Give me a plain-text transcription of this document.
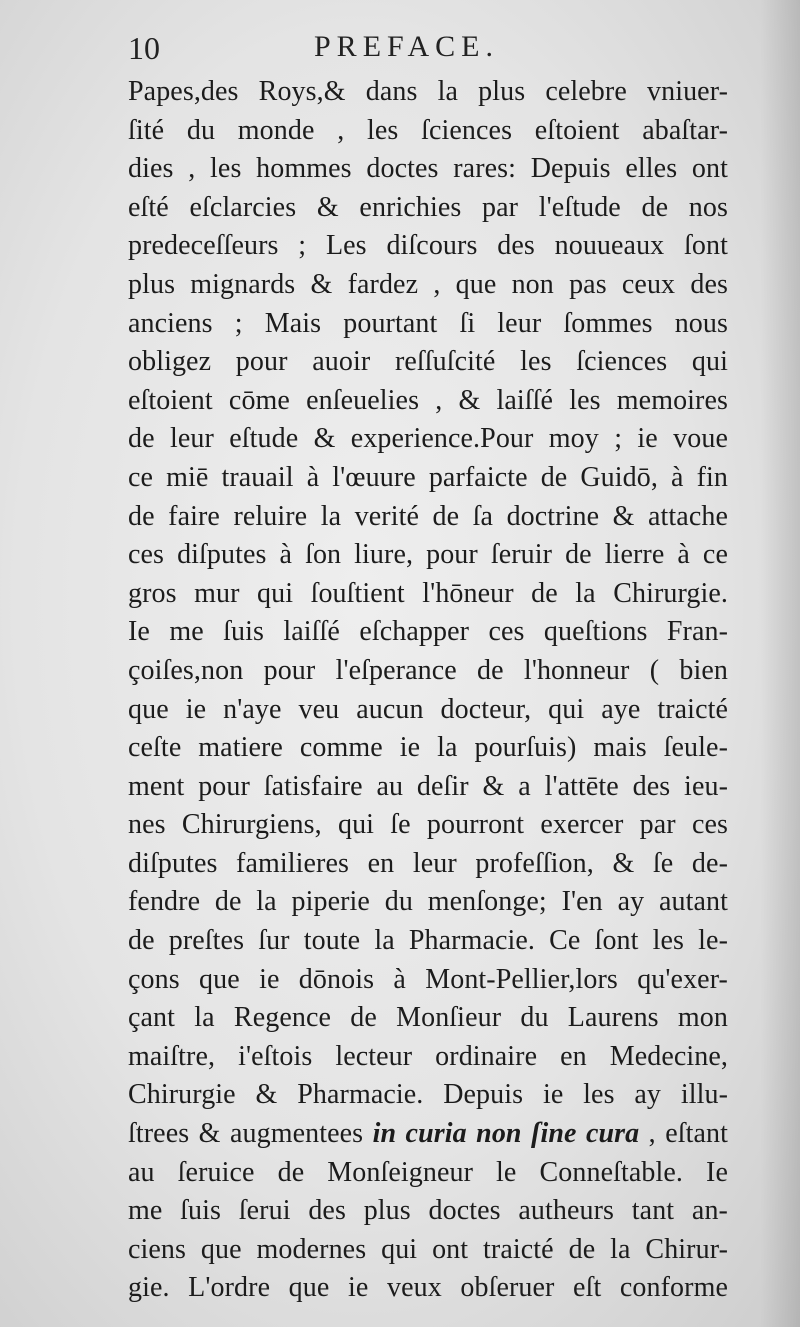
10	PREFACE.
Papes,des Roys,& dans la plus celebre vniuer-
ſité du monde , les ſciences eſtoient abaſtar-
dies , les hommes doctes rares: Depuis elles ont
eſté eſclarcies & enrichies par l'eſtude de nos
predeceſſeurs ; Les diſcours des nouueaux ſont
plus mignards & fardez , que non pas ceux des
anciens ; Mais pourtant ſi leur ſommes nous
obligez pour auoir reſſuſcité les ſciences qui
eſtoient cōme enſeuelies , & laiſſé les memoires
de leur eſtude & experience.Pour moy ; ie voue
ce miē trauail à l'œuure parfaicte de Guidō, à fin
de faire reluire la verité de ſa doctrine & attache
ces diſputes à ſon liure, pour ſeruir de lierre à ce
gros mur qui ſouſtient l'hōneur de la Chirurgie.
Ie me ſuis laiſſé eſchapper ces queſtions Fran-
çoiſes,non pour l'eſperance de l'honneur ( bien
que ie n'aye veu aucun docteur, qui aye traicté
ceſte matiere comme ie la pourſuis) mais ſeule-
ment pour ſatisfaire au deſir & a l'attēte des ieu-
nes Chirurgiens, qui ſe pourront exercer par ces
diſputes familieres en leur profeſſion, & ſe de-
fendre de la piperie du menſonge; I'en ay autant
de preſtes ſur toute la Pharmacie. Ce ſont les le-
çons que ie dōnois à Mont-Pellier,lors qu'exer-
çant la Regence de Monſieur du Laurens mon
maiſtre, i'eſtois lecteur ordinaire en Medecine,
Chirurgie & Pharmacie. Depuis ie les ay illu-
ſtrees & augmentees in curia non ſine cura , eſtant
au ſeruice de Monſeigneur le Conneſtable. Ie
me ſuis ſerui des plus doctes autheurs tant an-
ciens que modernes qui ont traicté de la Chirur-
gie. L'ordre que ie veux obſeruer eſt conforme
